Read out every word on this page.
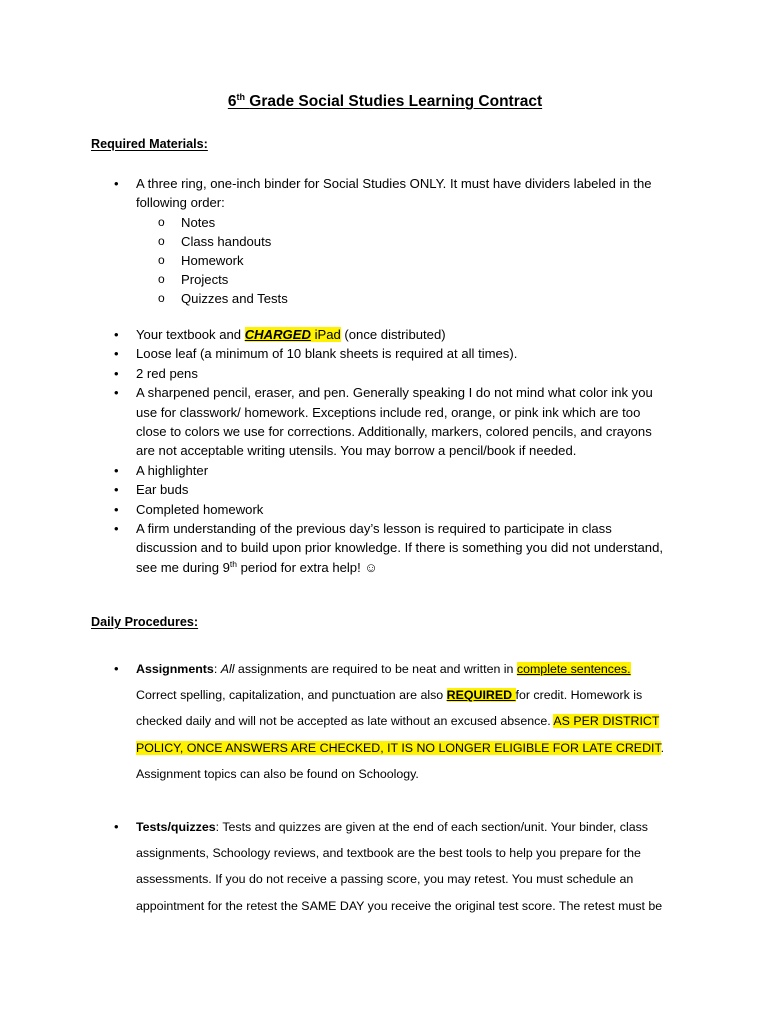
6th Grade Social Studies Learning Contract
Required Materials:
• A three ring, one-inch binder for Social Studies ONLY. It must have dividers labeled in the following order:
o Notes
o Class handouts
o Homework
o Projects
o Quizzes and Tests
• Your textbook and CHARGED iPad (once distributed)
• Loose leaf (a minimum of 10 blank sheets is required at all times).
• 2 red pens
• A sharpened pencil, eraser, and pen. Generally speaking I do not mind what color ink you use for classwork/ homework. Exceptions include red, orange, or pink ink which are too close to colors we use for corrections. Additionally, markers, colored pencils, and crayons are not acceptable writing utensils. You may borrow a pencil/book if needed.
• A highlighter
• Ear buds
• Completed homework
• A firm understanding of the previous day’s lesson is required to participate in class discussion and to build upon prior knowledge. If there is something you did not understand, see me during 9th period for extra help! ☺
Daily Procedures:
• Assignments: All assignments are required to be neat and written in complete sentences. Correct spelling, capitalization, and punctuation are also REQUIRED for credit. Homework is checked daily and will not be accepted as late without an excused absence. AS PER DISTRICT POLICY, ONCE ANSWERS ARE CHECKED, IT IS NO LONGER ELIGIBLE FOR LATE CREDIT. Assignment topics can also be found on Schoology.
• Tests/quizzes: Tests and quizzes are given at the end of each section/unit. Your binder, class assignments, Schoology reviews, and textbook are the best tools to help you prepare for the assessments. If you do not receive a passing score, you may retest. You must schedule an appointment for the retest the SAME DAY you receive the original test score. The retest must be
